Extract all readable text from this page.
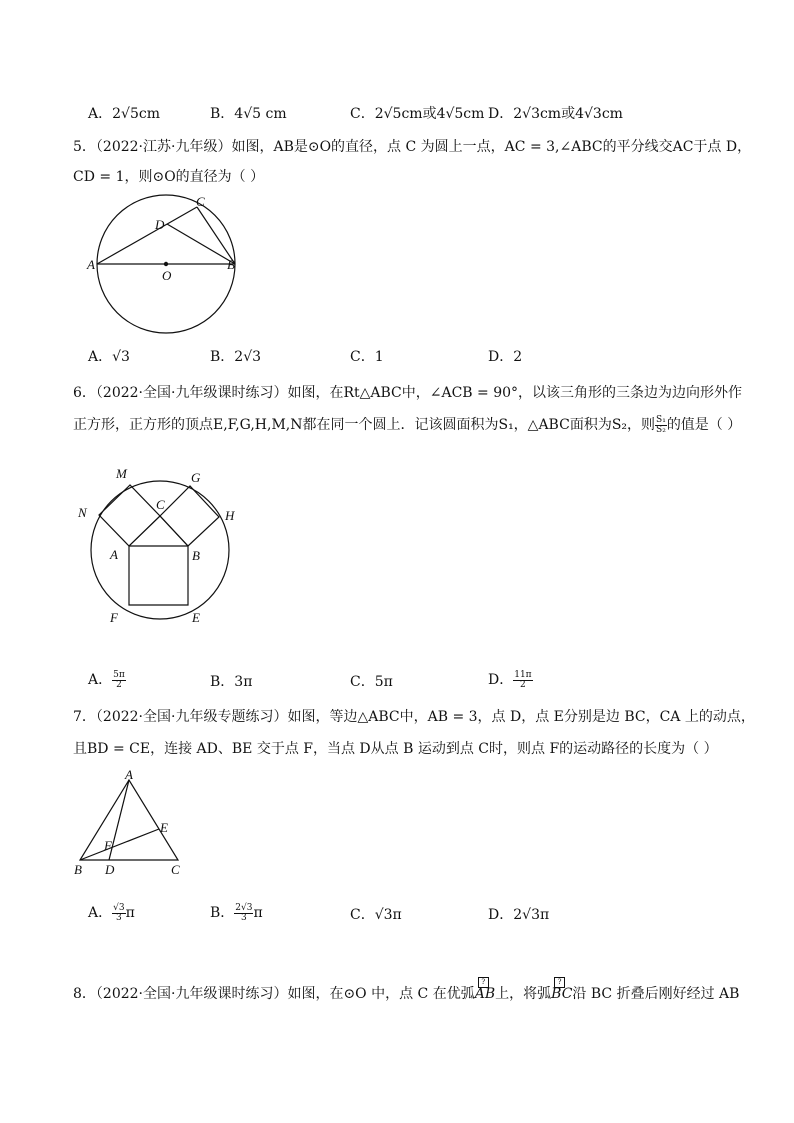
A．2√5cm	B．4√5 cm	C．2√5cm或4√5cm D．2√3cm或4√3cm
5．（2022·江苏·九年级）如图，AB是⊙O的直径，点 C 为圆上一点，AC = 3,∠ABC的平分线交AC于点 D，
CD = 1，则⊙O的直径为（ ）
A	B
C
D
O
A．√3	B．2√3	C．1	D．2
6．（2022·全国·九年级课时练习）如图，在Rt△ABC中，∠ACB = 90°，以该三角形的三条边为边向形外作
正方形，正方形的顶点E,F,G,H,M,N都在同一个圆上．记该圆面积为S₁，△ABC面积为S₂，则 $\frac{\text{S₁}}{\text{S₂}}$ 的值是（ ）
M	G
N
C
H
A	B
F	E
A． $\frac{5\pi}{2}$	B．3π	C．5π	D． $\frac{11\pi}{2}$
7．（2022·全国·九年级专题练习）如图，等边△ABC中，AB = 3，点 D，点 E分别是边 BC，CA 上的动点，
且BD = CE，连接 AD、BE 交于点 F，当点 D从点 B 运动到点 C时，则点 F的运动路径的长度为（ ）
A
E
F
B D	C
A． $\frac{√3}{3}$ π	B． $\frac{2√3}{3}$ π	C．√3π	D．2√3π
8．（2022·全国·九年级课时练习）如图，在⊙O 中，点 C 在优弧
?
AB上，将弧
?
BC沿 BC 折叠后刚好经过 AB
